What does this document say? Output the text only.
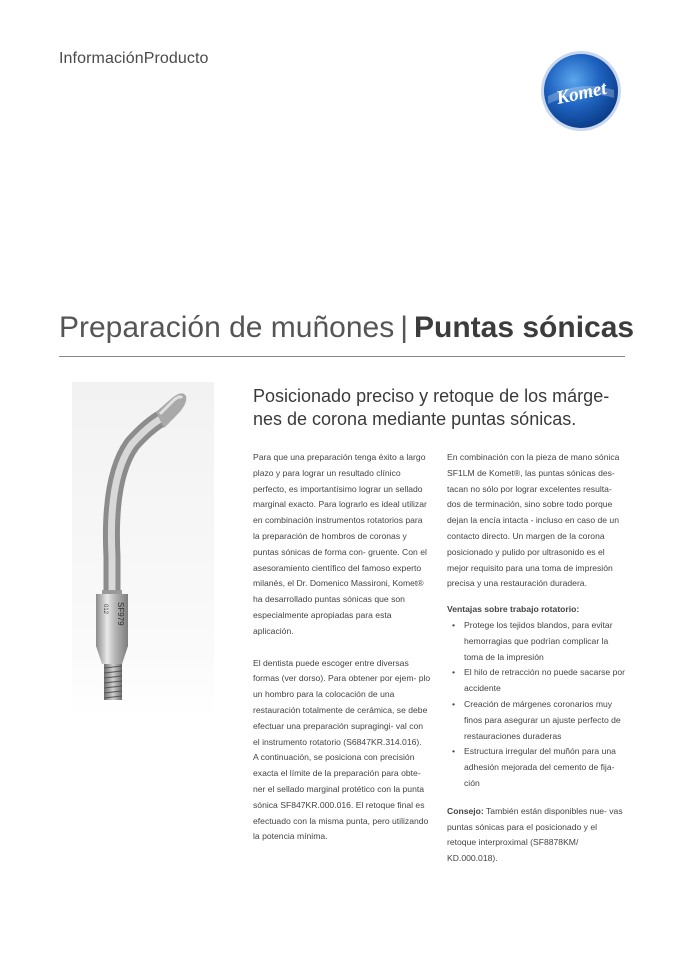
InformaciónProducto
Komet
Preparación de muñones | Puntas sónicas
SF979
012
Posicionado preciso y retoque de los márge- nes de corona mediante puntas sónicas.

Para que una preparación tenga éxito a largo plazo y para lograr un resultado clínico perfecto, es importantísimo lograr un sellado marginal exacto. Para lograrlo es ideal utilizar en combinación instrumentos rotatorios para la preparación de hombros de coronas y puntas sónicas de forma con- gruente. Con el asesoramiento científico del famoso experto milanés, el Dr. Domenico Massironi, Komet® ha desarrollado puntas sónicas que son especialmente apropiadas para esta aplicación.

El dentista puede escoger entre diversas formas (ver dorso). Para obtener por ejem- plo un hombro para la colocación de una restauración totalmente de cerámica, se debe efectuar una preparación supragingi- val con el instrumento rotatorio (S6847KR.314.016).

A continuación, se posiciona con precisión exacta el límite de la preparación para obte- ner el sellado marginal protético con la punta sónica SF847KR.000.016. El retoque final es efectuado con la misma punta, pero utilizando la potencia mínima.

En combinación con la pieza de mano sónica SF1LM de Komet®, las puntas sónicas des- tacan no sólo por lograr excelentes resulta- dos de terminación, sino sobre todo porque dejan la encía intacta - incluso en caso de un contacto directo. Un margen de la corona posicionado y pulido por ultrasonido es el mejor requisito para una toma de impresión precisa y una restauración duradera.

Ventajas sobre trabajo rotatorio:

• Protege los tejidos blandos, para evitar hemorragias que podrían complicar la toma de la impresión
• El hilo de retracción no puede sacarse por accidente
• Creación de márgenes coronarios muy finos para asegurar un ajuste perfecto de restauraciones duraderas
• Estructura irregular del muñón para una adhesión mejorada del cemento de fija- ción

Consejo: También están disponibles nue- vas puntas sónicas para el posicionado y el retoque interproximal (SF8878KM/ KD.000.018).
